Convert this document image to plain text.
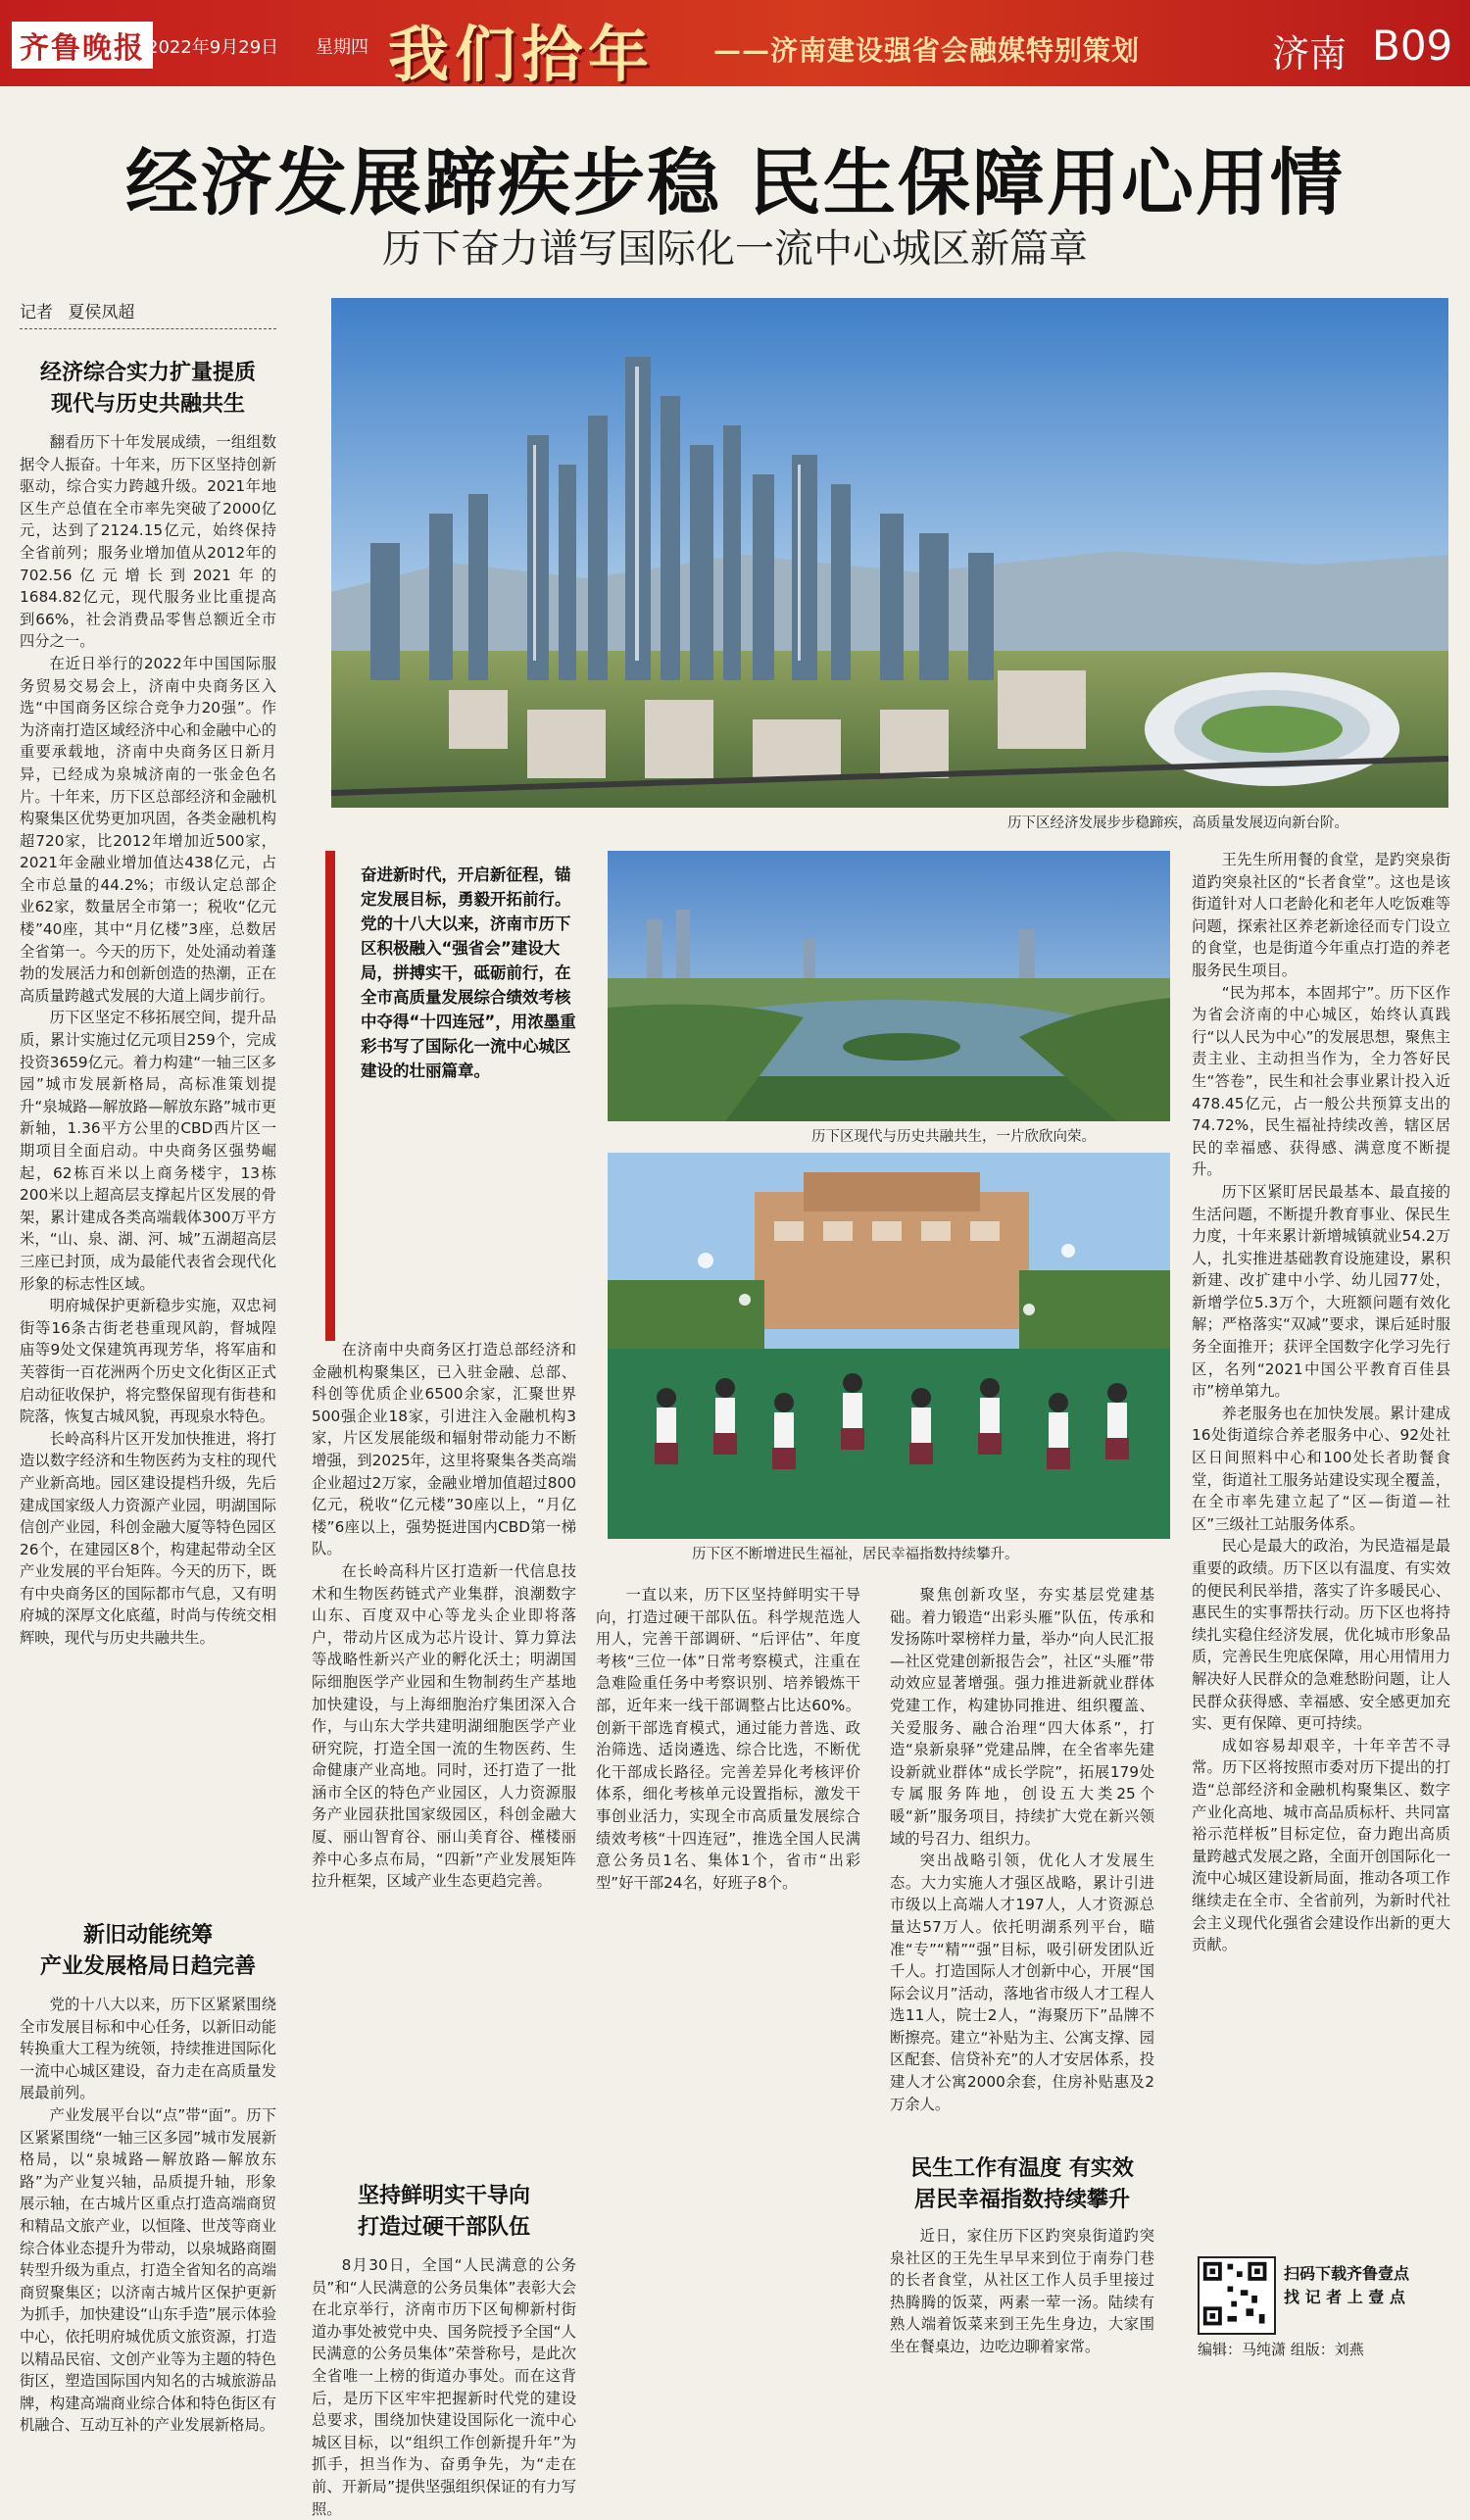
齐鲁晚报 2022年9月29日 星期四 我们拾年 ——济南建设强省会融媒特别策划	济南 B09
经济发展蹄疾步稳 民生保障用心用情
历下奋力谱写国际化一流中心城区新篇章
记者 夏侯凤超
经济综合实力扩量提质
现代与历史共融共生

翻看历下十年发展成绩，一组组数据令人振奋。十年来，历下区坚持创新驱动，综合实力跨越升级。2021年地区生产总值在全市率先突破了2000亿元，达到了2124.15亿元，始终保持全省前列；服务业增加值从2012年的702.56亿元增长到2021年的1684.82亿元，现代服务业比重提高到66%，社会消费品零售总额近全市四分之一。

在近日举行的2022年中国国际服务贸易交易会上，济南中央商务区入选“中国商务区综合竞争力20强”。作为济南打造区域经济中心和金融中心的重要承载地，济南中央商务区日新月异，已经成为泉城济南的一张金色名片。十年来，历下区总部经济和金融机构聚集区优势更加巩固，各类金融机构超720家，比2012年增加近500家，2021年金融业增加值达438亿元，占全市总量的44.2%；市级认定总部企业62家，数量居全市第一；税收“亿元楼”40座，其中“月亿楼”3座，总数居全省第一。今天的历下，处处涌动着蓬勃的发展活力和创新创造的热潮，正在高质量跨越式发展的大道上阔步前行。

历下区坚定不移拓展空间，提升品质，累计实施过亿元项目259个，完成投资3659亿元。着力构建“一轴三区多园”城市发展新格局，高标准策划提升“泉城路—解放路—解放东路”城市更新轴，1.36平方公里的CBD西片区一期项目全面启动。中央商务区强势崛起，62栋百米以上商务楼宇，13栋200米以上超高层支撑起片区发展的骨架，累计建成各类高端载体300万平方米，“山、泉、湖、河、城”五湖超高层三座已封顶，成为最能代表省会现代化形象的标志性区域。

明府城保护更新稳步实施，双忠祠街等16条古街老巷重现风韵，督城隍庙等9处文保建筑再现芳华，将军庙和芙蓉街一百花洲两个历史文化街区正式启动征收保护，将完整保留现有街巷和院落，恢复古城风貌，再现泉水特色。

长岭高科片区开发加快推进，将打造以数字经济和生物医药为支柱的现代产业新高地。园区建设提档升级，先后建成国家级人力资源产业园，明湖国际信创产业园，科创金融大厦等特色园区26个，在建园区8个，构建起带动全区产业发展的平台矩阵。今天的历下，既有中央商务区的国际都市气息，又有明府城的深厚文化底蕴，时尚与传统交相辉映，现代与历史共融共生。

新旧动能统筹
产业发展格局日趋完善

党的十八大以来，历下区紧紧围绕全市发展目标和中心任务，以新旧动能转换重大工程为统领，持续推进国际化一流中心城区建设，奋力走在高质量发展最前列。

产业发展平台以“点”带“面”。历下区紧紧围绕“一轴三区多园”城市发展新格局，以“泉城路—解放路—解放东路”为产业复兴轴，品质提升轴，形象展示轴，在古城片区重点打造高端商贸和精品文旅产业，以恒隆、世茂等商业综合体业态提升为带动，以泉城路商圈转型升级为重点，打造全省知名的高端商贸聚集区；以济南古城片区保护更新为抓手，加快建设“山东手造”展示体验中心，依托明府城优质文旅资源，打造以精品民宿、文创产业等为主题的特色街区，塑造国际国内知名的古城旅游品牌，构建高端商业综合体和特色街区有机融合、互动互补的产业发展新格局。

在济南中央商务区打造总部经济和金融机构聚集区，已入驻金融、总部、科创等优质企业6500余家，汇聚世界500强企业18家，引进注入金融机构3家，片区发展能级和辐射带动能力不断增强，到2025年，这里将聚集各类高端企业超过2万家，金融业增加值超过800亿元，税收“亿元楼”30座以上，“月亿楼”6座以上，强势挺进国内CBD第一梯队。

在长岭高科片区打造新一代信息技术和生物医药链式产业集群，浪潮数字山东、百度双中心等龙头企业即将落户，带动片区成为芯片设计、算力算法等战略性新兴产业的孵化沃土；明湖国际细胞医学产业园和生物制药生产基地加快建设，与上海细胞治疗集团深入合作，与山东大学共建明湖细胞医学产业研究院，打造全国一流的生物医药、生命健康产业高地。同时，还打造了一批涵市全区的特色产业园区，人力资源服务产业园获批国家级园区，科创金融大厦、丽山智育谷、丽山美育谷、槿楼丽养中心多点布局，“四新”产业发展矩阵拉升框架，区域产业生态更趋完善。

坚持鲜明实干导向
打造过硬干部队伍

8月30日，全国“人民满意的公务员”和“人民满意的公务员集体”表彰大会在北京举行，济南市历下区甸柳新村街道办事处被党中央、国务院授予全国“人民满意的公务员集体”荣誉称号，是此次全省唯一上榜的街道办事处。而在这背后，是历下区牢牢把握新时代党的建设总要求，围绕加快建设国际化一流中心城区目标，以“组织工作创新提升年”为抓手，担当作为、奋勇争先，为“走在前、开新局”提供坚强组织保证的有力写照。

一直以来，历下区坚持鲜明实干导向，打造过硬干部队伍。科学规范选人用人，完善干部调研、“后评估”、年度考核“三位一体”日常考察模式，注重在急难险重任务中考察识别、培养锻炼干部，近年来一线干部调整占比达60%。创新干部选育模式，通过能力普选、政治筛选、适岗遴选、综合比选，不断优化干部成长路径。完善差异化考核评价体系，细化考核单元设置指标，激发干事创业活力，实现全市高质量发展综合绩效考核“十四连冠”，推选全国人民满意公务员1名、集体1个，省市“出彩型”好干部24名，好班子8个。

聚焦创新攻坚，夯实基层党建基础。着力锻造“出彩头雁”队伍，传承和发扬陈叶翠榜样力量，举办“向人民汇报—社区党建创新报告会”，社区“头雁”带动效应显著增强。强力推进新就业群体党建工作，构建协同推进、组织覆盖、关爱服务、融合治理“四大体系”，打造“泉新泉驿”党建品牌，在全省率先建设新就业群体“成长学院”，拓展179处专属服务阵地，创设五大类25个暖“新”服务项目，持续扩大党在新兴领域的号召力、组织力。

突出战略引领，优化人才发展生态。大力实施人才强区战略，累计引进市级以上高端人才197人，人才资源总量达57万人。依托明湖系列平台，瞄准“专”“精”“强”目标，吸引研发团队近千人。打造国际人才创新中心，开展“国际会议月”活动，落地省市级人才工程人选11人，院士2人，“海聚历下”品牌不断擦亮。建立“补贴为主、公寓支撑、园区配套、信贷补充”的人才安居体系，投建人才公寓2000余套，住房补贴惠及2万余人。

民生工作有温度 有实效
居民幸福指数持续攀升

近日，家住历下区趵突泉街道趵突泉社区的王先生早早来到位于南券门巷的长者食堂，从社区工作人员手里接过热腾腾的饭菜，两素一荤一汤。陆续有熟人端着饭菜来到王先生身边，大家围坐在餐桌边，边吃边聊着家常。

王先生所用餐的食堂，是趵突泉街道趵突泉社区的“长者食堂”。这也是该街道针对人口老龄化和老年人吃饭难等问题，探索社区养老新途径而专门设立的食堂，也是街道今年重点打造的养老服务民生项目。

“民为邦本，本固邦宁”。历下区作为省会济南的中心城区，始终认真践行“以人民为中心”的发展思想，聚焦主责主业、主动担当作为，全力答好民生“答卷”，民生和社会事业累计投入近478.45亿元，占一般公共预算支出的74.72%，民生福祉持续改善，辖区居民的幸福感、获得感、满意度不断提升。

历下区紧盯居民最基本、最直接的生活问题，不断提升教育事业、保民生力度，十年来累计新增城镇就业54.2万人，扎实推进基础教育设施建设，累积新建、改扩建中小学、幼儿园77处，新增学位5.3万个，大班额问题有效化解；严格落实“双减”要求，课后延时服务全面推开；获评全国数字化学习先行区，名列“2021中国公平教育百佳县市”榜单第九。

养老服务也在加快发展。累计建成16处街道综合养老服务中心、92处社区日间照料中心和100处长者助餐食堂，街道社工服务站建设实现全覆盖，在全市率先建立起了“区—街道—社区”三级社工站服务体系。

民心是最大的政治，为民造福是最重要的政绩。历下区以有温度、有实效的便民利民举措，落实了许多暖民心、惠民生的实事帮扶行动。历下区也将持续扎实稳住经济发展，优化城市形象品质，完善民生兜底保障，用心用情用力解决好人民群众的急难愁盼问题，让人民群众获得感、幸福感、安全感更加充实、更有保障、更可持续。

成如容易却艰辛，十年辛苦不寻常。历下区将按照市委对历下提出的打造“总部经济和金融机构聚集区、数字产业化高地、城市高品质标杆、共同富裕示范样板”目标定位，奋力跑出高质量跨越式发展之路，全面开创国际化一流中心城区建设新局面，推动各项工作继续走在全市、全省前列，为新时代社会主义现代化强省会建设作出新的更大贡献。

历下区经济发展步步稳蹄疾，高质量发展迈向新台阶。
奋进新时代，开启新征程，锚定发展目标，勇毅开拓前行。党的十八大以来，济南市历下区积极融入“强省会”建设大局，拼搏实干，砥砺前行，在全市高质量发展综合绩效考核中夺得“十四连冠”，用浓墨重彩书写了国际化一流中心城区建设的壮丽篇章。
历下区现代与历史共融共生，一片欣欣向荣。
历下区不断增进民生福祉，居民幸福指数持续攀升。
扫码下载齐鲁壹点
找 记 者 上 壹 点
编辑：马纯潇 组版：刘燕
